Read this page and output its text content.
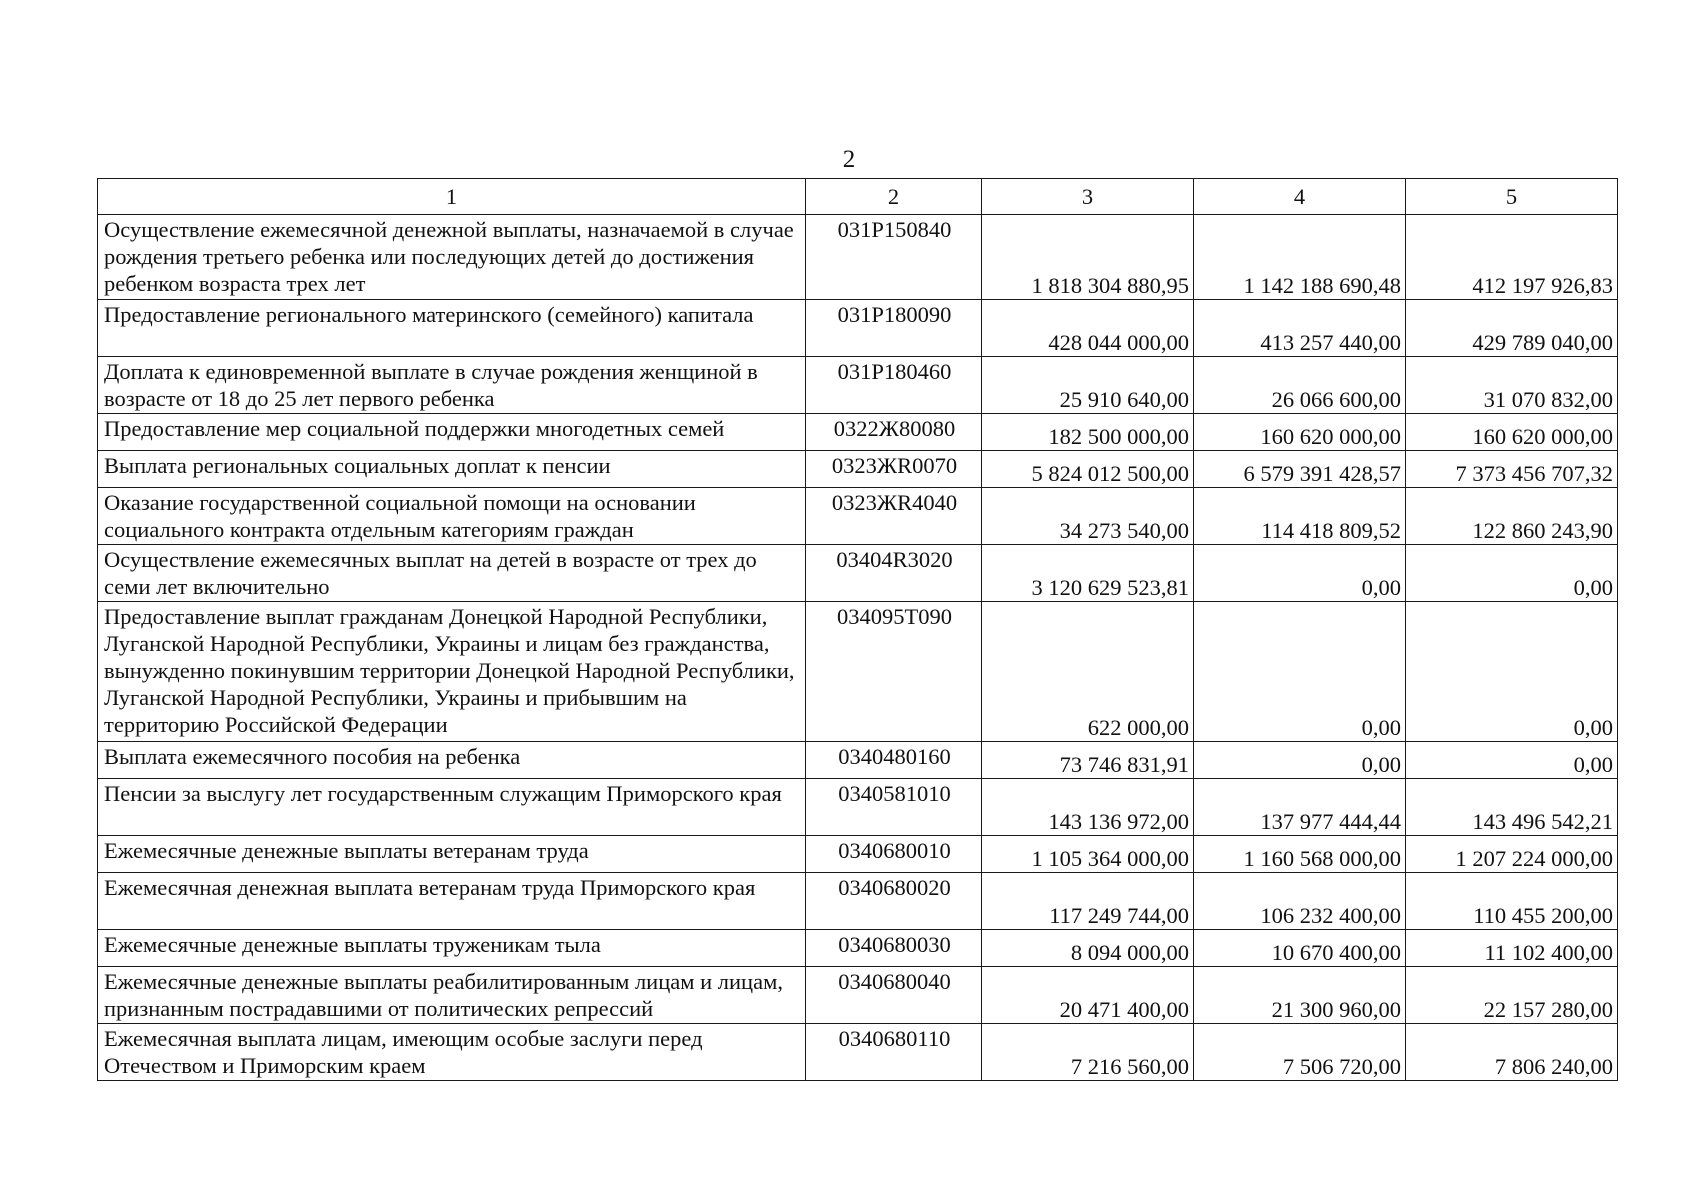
2
1	2	3	4	5
Осуществление ежемесячной денежной выплаты, назначаемой в случае рождения третьего ребенка или последующих детей до достижения ребенком возраста трех лет	031P150840	1 818 304 880,95	1 142 188 690,48	412 197 926,83
Предоставление регионального материнского (семейного) капитала	031P180090	428 044 000,00	413 257 440,00	429 789 040,00
Доплата к единовременной выплате в случае рождения женщиной в возрасте от 18 до 25 лет первого ребенка	031P180460	25 910 640,00	26 066 600,00	31 070 832,00
Предоставление мер социальной поддержки многодетных семей	0322Ж80080	182 500 000,00	160 620 000,00	160 620 000,00
Выплата региональных социальных доплат к пенсии	0323ЖR0070	5 824 012 500,00	6 579 391 428,57	7 373 456 707,32
Оказание государственной социальной помощи на основании социального контракта отдельным категориям граждан	0323ЖR4040	34 273 540,00	114 418 809,52	122 860 243,90
Осуществление ежемесячных выплат на детей в возрасте от трех до семи лет включительно	03404R3020	3 120 629 523,81	0,00	0,00
Предоставление выплат гражданам Донецкой Народной Республики, Луганской Народной Республики, Украины и лицам без гражданства, вынужденно покинувшим территории Донецкой Народной Республики, Луганской Народной Республики, Украины и прибывшим на территорию Российской Федерации	034095T090	622 000,00	0,00	0,00
Выплата ежемесячного пособия на ребенка	0340480160	73 746 831,91	0,00	0,00
Пенсии за выслугу лет государственным служащим Приморского края	0340581010	143 136 972,00	137 977 444,44	143 496 542,21
Ежемесячные денежные выплаты ветеранам труда	0340680010	1 105 364 000,00	1 160 568 000,00	1 207 224 000,00
Ежемесячная денежная выплата ветеранам труда Приморского края	0340680020	117 249 744,00	106 232 400,00	110 455 200,00
Ежемесячные денежные выплаты труженикам тыла	0340680030	8 094 000,00	10 670 400,00	11 102 400,00
Ежемесячные денежные выплаты реабилитированным лицам и лицам, признанным пострадавшими от политических репрессий	0340680040	20 471 400,00	21 300 960,00	22 157 280,00
Ежемесячная выплата лицам, имеющим особые заслуги перед Отечеством и Приморским краем	0340680110	7 216 560,00	7 506 720,00	7 806 240,00
